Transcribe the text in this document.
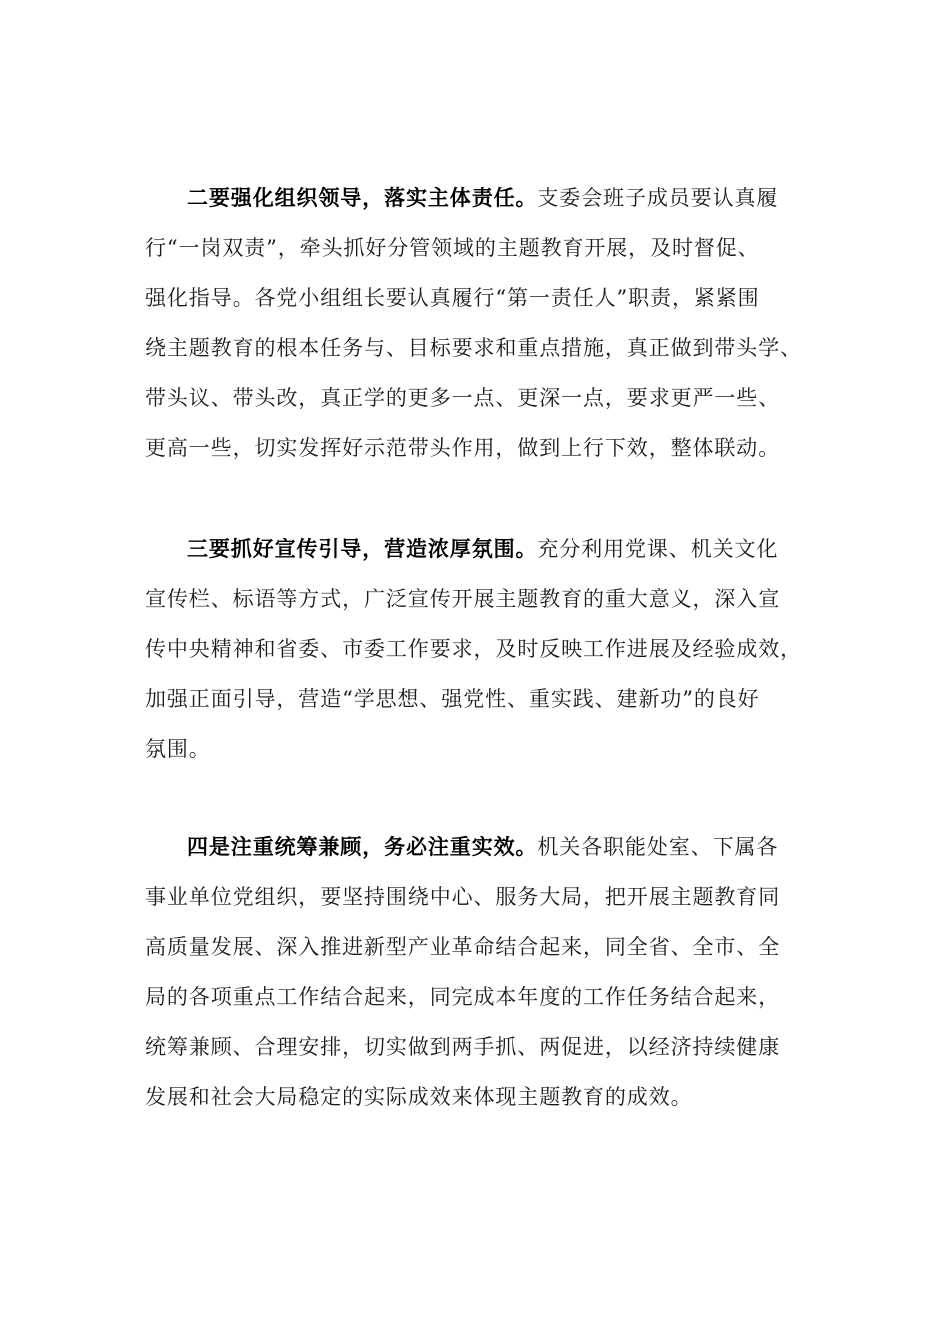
二要强化组织领导，落实主体责任。支委会班子成员要认真履
行“一岗双责”，牵头抓好分管领域的主题教育开展，及时督促、
强化指导。各党小组组长要认真履行“第一责任人”职责，紧紧围
绕主题教育的根本任务与、目标要求和重点措施，真正做到带头学、
带头议、带头改，真正学的更多一点、更深一点，要求更严一些、
更高一些，切实发挥好示范带头作用，做到上行下效，整体联动。
三要抓好宣传引导，营造浓厚氛围。充分利用党课、机关文化
宣传栏、标语等方式，广泛宣传开展主题教育的重大意义，深入宣
传中央精神和省委、市委工作要求，及时反映工作进展及经验成效，
加强正面引导，营造“学思想、强党性、重实践、建新功”的良好
氛围。
四是注重统筹兼顾，务必注重实效。机关各职能处室、下属各
事业单位党组织，要坚持围绕中心、服务大局，把开展主题教育同
高质量发展、深入推进新型产业革命结合起来，同全省、全市、全
局的各项重点工作结合起来，同完成本年度的工作任务结合起来，
统筹兼顾、合理安排，切实做到两手抓、两促进，以经济持续健康
发展和社会大局稳定的实际成效来体现主题教育的成效。
